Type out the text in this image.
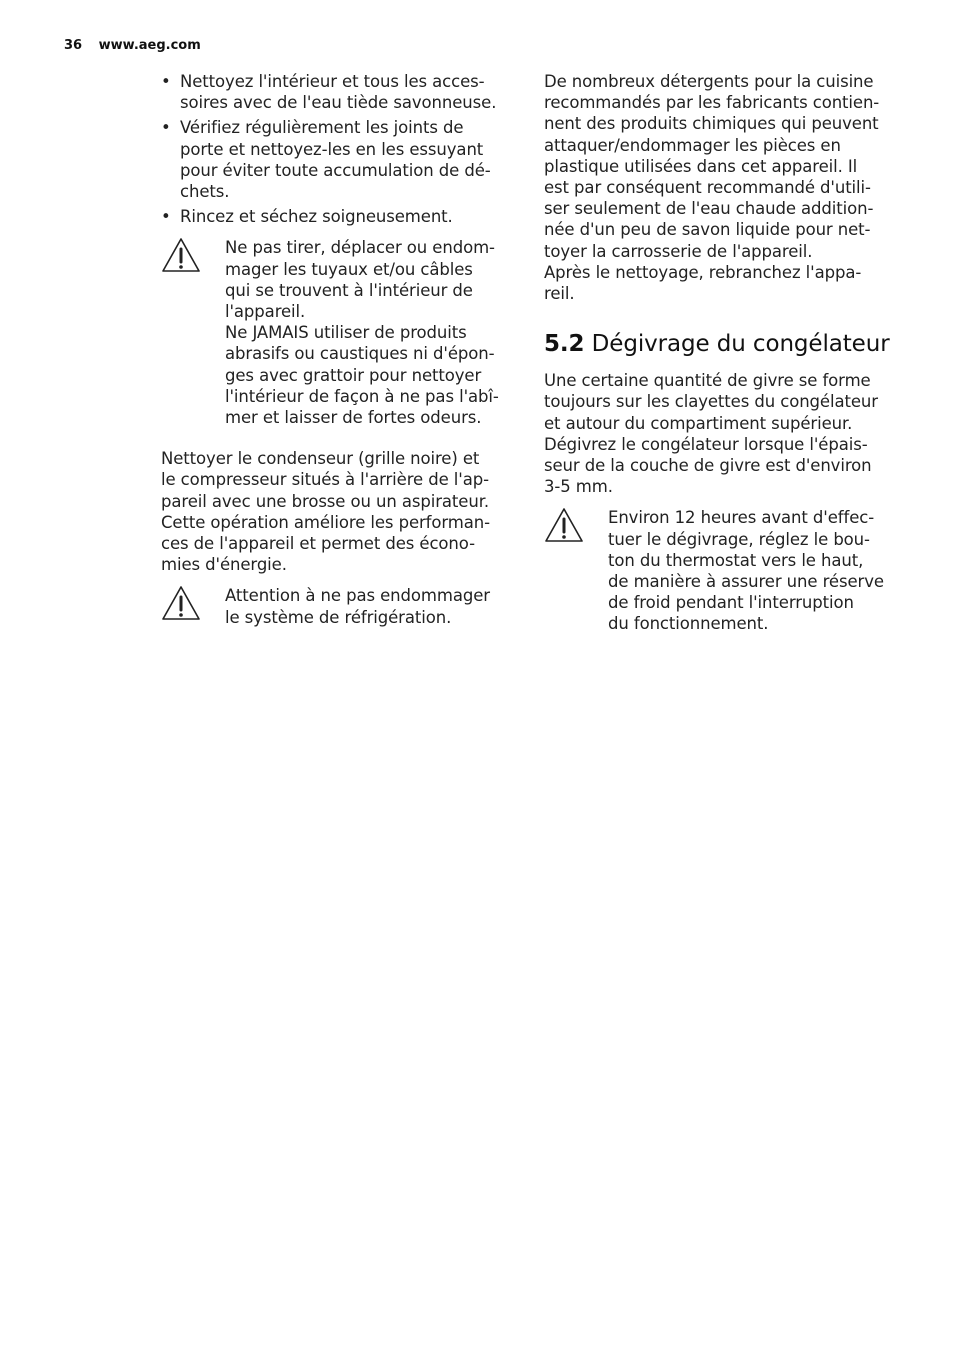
36 www.aeg.com
• Nettoyez l'intérieur et tous les acces-
soires avec de l'eau tiède savonneuse.
• Vérifiez régulièrement les joints de
porte et nettoyez-les en les essuyant
pour éviter toute accumulation de dé-
chets.
• Rincez et séchez soigneusement.
Ne pas tirer, déplacer ou endom-
mager les tuyaux et/ou câbles
qui se trouvent à l'intérieur de
l'appareil.
Ne JAMAIS utiliser de produits
abrasifs ou caustiques ni d'épon-
ges avec grattoir pour nettoyer
l'intérieur de façon à ne pas l'abî-
mer et laisser de fortes odeurs.
Nettoyer le condenseur (grille noire) et
le compresseur situés à l'arrière de l'ap-
pareil avec une brosse ou un aspirateur.
Cette opération améliore les performan-
ces de l'appareil et permet des écono-
mies d'énergie.
Attention à ne pas endommager
le système de réfrigération.
De nombreux détergents pour la cuisine
recommandés par les fabricants contien-
nent des produits chimiques qui peuvent
attaquer/endommager les pièces en
plastique utilisées dans cet appareil. Il
est par conséquent recommandé d'utili-
ser seulement de l'eau chaude addition-
née d'un peu de savon liquide pour net-
toyer la carrosserie de l'appareil.
Après le nettoyage, rebranchez l'appa-
reil.
5.2 Dégivrage du congélateur
Une certaine quantité de givre se forme
toujours sur les clayettes du congélateur
et autour du compartiment supérieur.
Dégivrez le congélateur lorsque l'épais-
seur de la couche de givre est d'environ
3-5 mm.
Environ 12 heures avant d'effec-
tuer le dégivrage, réglez le bou-
ton du thermostat vers le haut,
de manière à assurer une réserve
de froid pendant l'interruption
du fonctionnement.
